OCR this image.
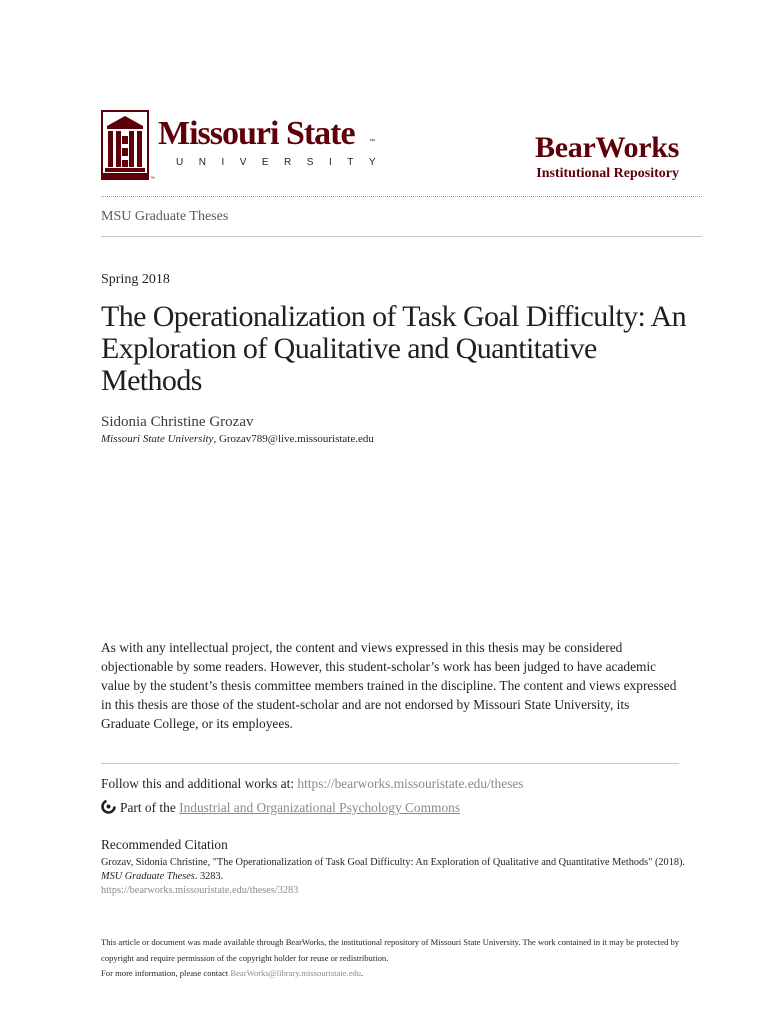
™
Missouri State ™
UNIVERSITY	BearWorks
Institutional Repository
MSU Graduate Theses
Spring 2018
The Operationalization of Task Goal Difficulty: An Exploration of Qualitative and Quantitative Methods
Sidonia Christine Grozav
Missouri State University, Grozav789@live.missouristate.edu

As with any intellectual project, the content and views expressed in this thesis may be considered objectionable by some readers. However, this student-scholar’s work has been judged to have academic value by the student’s thesis committee members trained in the discipline. The content and views expressed in this thesis are those of the student-scholar and are not endorsed by Missouri State University, its Graduate College, or its employees.

Follow this and additional works at: https://bearworks.missouristate.edu/theses
Part of the Industrial and Organizational Psychology Commons
Recommended Citation

Grozav, Sidonia Christine, "The Operationalization of Task Goal Difficulty: An Exploration of Qualitative and Quantitative Methods" (2018). MSU Graduate Theses. 3283.
https://bearworks.missouristate.edu/theses/3283

This article or document was made available through BearWorks, the institutional repository of Missouri State University. The work contained in it may be protected by copyright and require permission of the copyright holder for reuse or redistribution.
For more information, please contact BearWorks@library.missouristate.edu.
